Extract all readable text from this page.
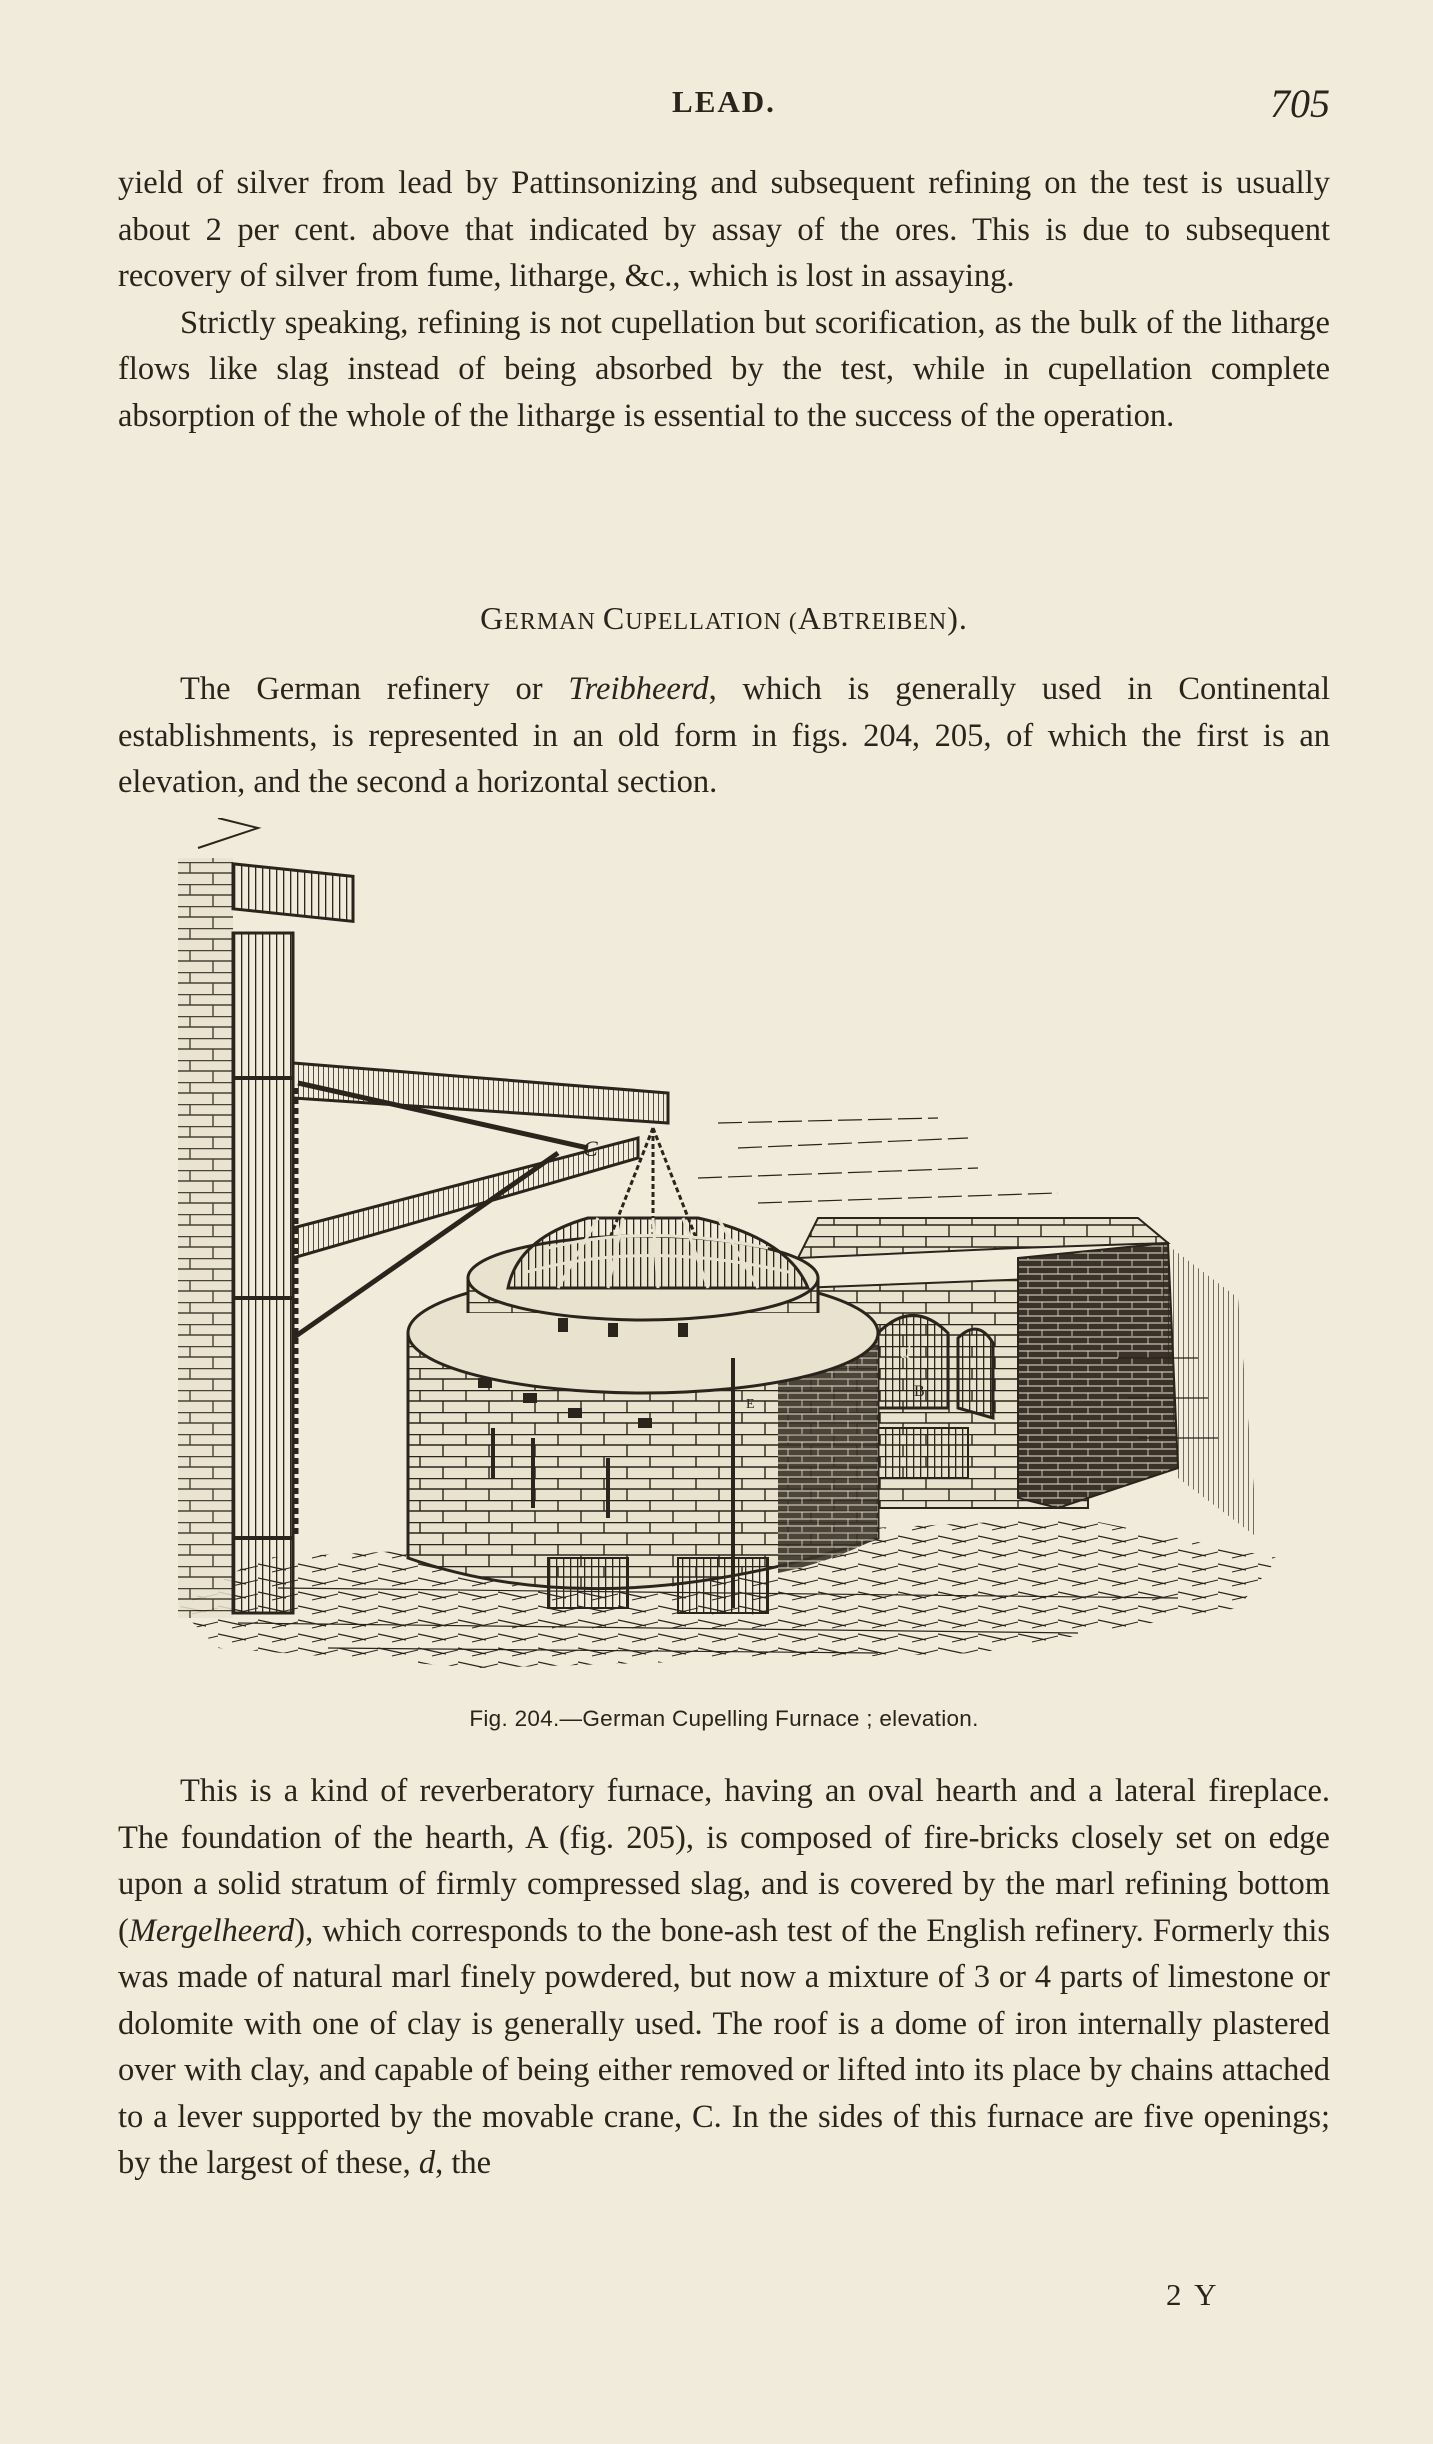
LEAD.	705

yield of silver from lead by Pattinsonizing and subsequent refining on the test is usually about 2 per cent. above that indicated by assay of the ores. This is due to subsequent recovery of silver from fume, litharge, &c., which is lost in assaying.

Strictly speaking, refining is not cupellation but scorification, as the bulk of the litharge flows like slag instead of being absorbed by the test, while in cupellation complete absorption of the whole of the litharge is essential to the success of the operation.

GERMAN CUPELLATION (ABTREIBEN).

The German refinery or Treibheerd, which is generally used in Continental establishments, is represented in an old form in figs. 204, 205, of which the first is an elevation, and the second a horizontal section.

C
d
B
E
Fig. 204.—German Cupelling Furnace ; elevation.

This is a kind of reverberatory furnace, having an oval hearth and a lateral fireplace. The foundation of the hearth, A (fig. 205), is composed of fire-bricks closely set on edge upon a solid stratum of firmly compressed slag, and is covered by the marl refining bottom (Mergelheerd), which corresponds to the bone-ash test of the English refinery. Formerly this was made of natural marl finely powdered, but now a mixture of 3 or 4 parts of limestone or dolomite with one of clay is generally used. The roof is a dome of iron internally plastered over with clay, and capable of being either removed or lifted into its place by chains attached to a lever supported by the movable crane, C. In the sides of this furnace are five openings; by the largest of these, d, the

2 Y
